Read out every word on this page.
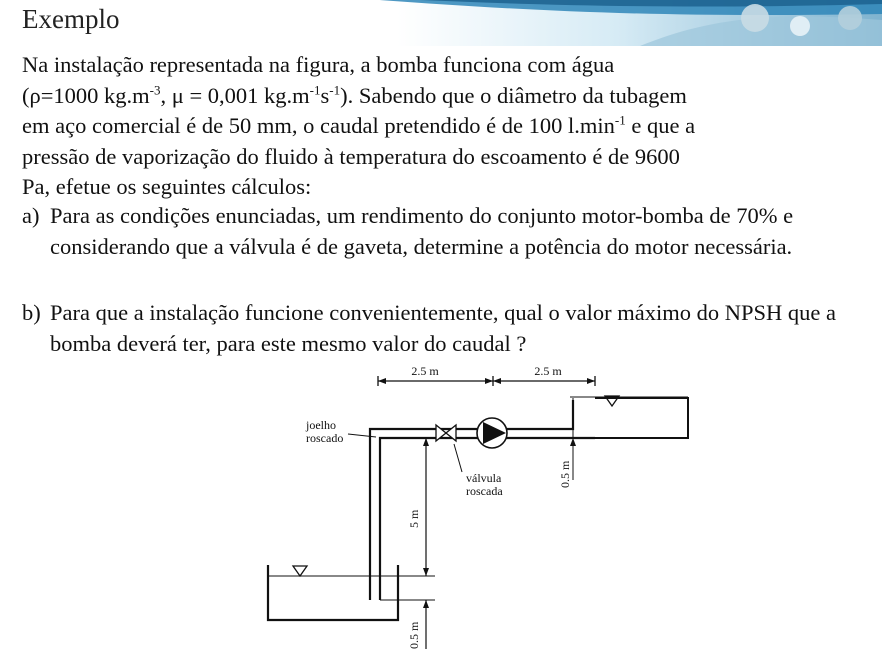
Exemplo
Na instalação representada na figura, a bomba funciona com água
(ρ=1000 $kg.m^{-3}$, μ = 0,001 $kg.m^{-1}s^{-1}$). Sabendo que o diâmetro da tubagem
em aço comercial é de 50 mm, o caudal pretendido é de 100 $l.\min^{-1}$ e que a
pressão de vaporização do fluido à temperatura do escoamento é de 9600
Pa, efetue os seguintes cálculos:
a) Para as condições enunciadas, um rendimento do conjunto motor-bomba de 70% e considerando que a válvula é de gaveta, determine a potência do motor necessária.
b) Para que a instalação funcione convenientemente, qual o valor máximo do NPSH que a bomba deverá ter, para este mesmo valor do caudal ?
2.5 m	2.5 m
joelho
roscado
válvula
roscada
5 m
0.5 m
0.5 m
